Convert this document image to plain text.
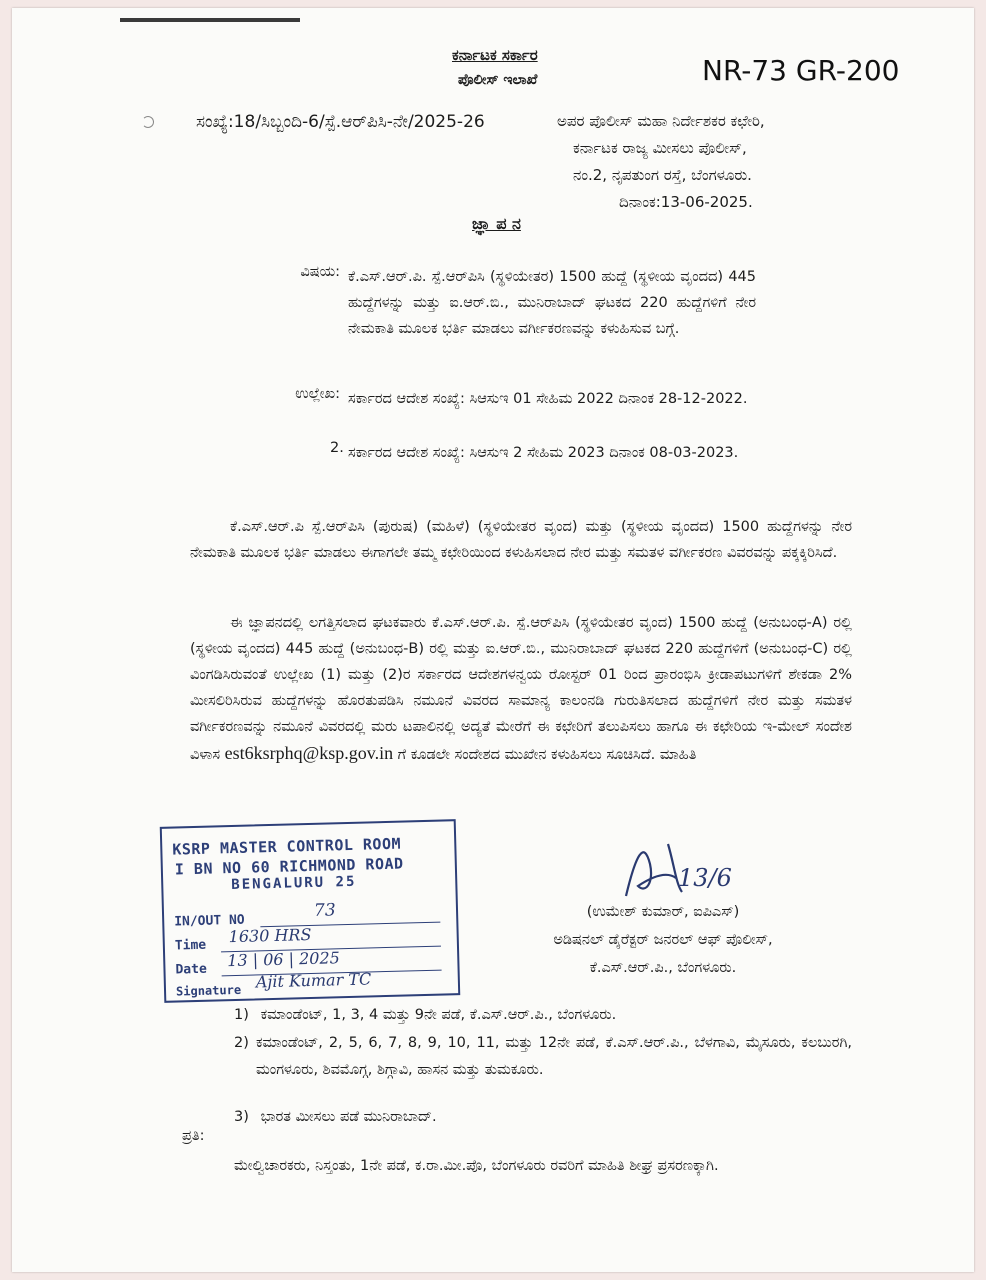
ಕರ್ನಾಟಕ ಸರ್ಕಾರ
ಪೊಲೀಸ್ ಇಲಾಖೆ	NR-73 GR-200
ಸಂಖ್ಯೆ:18/ಸಿಬ್ಬಂದಿ-6/ಸ್ಪೆ.ಆರ್‌ಪಿಸಿ-ನೇ/2025-26	ಅಪರ ಪೊಲೀಸ್ ಮಹಾ ನಿರ್ದೇಶಕರ ಕಛೇರಿ,
ಕರ್ನಾಟಕ ರಾಜ್ಯ ಮೀಸಲು ಪೊಲೀಸ್,
ನಂ.2, ನೃಪತುಂಗ ರಸ್ತೆ, ಬೆಂಗಳೂರು.
ದಿನಾಂಕ:13-06-2025.
ಜ್ಞಾ ಪ ನ
ವಿಷಯ: ಕೆ.ಎಸ್.ಆರ್.ಪಿ. ಸ್ಪೆ.ಆರ್‌ಪಿಸಿ (ಸ್ಥಳಿಯೇತರ) 1500 ಹುದ್ದೆ (ಸ್ಥಳೀಯ ವೃಂದದ) 445 ಹುದ್ದೆಗಳನ್ನು ಮತ್ತು ಐ.ಆರ್.ಬಿ., ಮುನಿರಾಬಾದ್ ಘಟಕದ 220 ಹುದ್ದೆಗಳಿಗೆ ನೇರ ನೇಮಕಾತಿ ಮೂಲಕ ಭರ್ತಿ ಮಾಡಲು ವರ್ಗೀಕರಣವನ್ನು ಕಳುಹಿಸುವ ಬಗ್ಗೆ.
ಉಲ್ಲೇಖ: ಸರ್ಕಾರದ ಆದೇಶ ಸಂಖ್ಯೆ: ಸಿಆಸುಇ 01 ಸೇಹಿಮ 2022 ದಿನಾಂಕ 28-12-2022.
2. ಸರ್ಕಾರದ ಆದೇಶ ಸಂಖ್ಯೆ: ಸಿಆಸುಇ 2 ಸೇಹಿಮ 2023 ದಿನಾಂಕ 08-03-2023.
ಕೆ.ಎಸ್.ಆರ್.ಪಿ ಸ್ಪೆ.ಆರ್‌ಪಿಸಿ (ಪುರುಷ) (ಮಹಿಳೆ) (ಸ್ಥಳಿಯೇತರ ವೃಂದ) ಮತ್ತು (ಸ್ಥಳೀಯ ವೃಂದದ) 1500 ಹುದ್ದೆಗಳನ್ನು ನೇರ ನೇಮಕಾತಿ ಮೂಲಕ ಭರ್ತಿ ಮಾಡಲು ಈಗಾಗಲೇ ತಮ್ಮ ಕಛೇರಿಯಿಂದ ಕಳುಹಿಸಲಾದ ನೇರ ಮತ್ತು ಸಮತಳ ವರ್ಗೀಕರಣ ವಿವರವನ್ನು ಪಕ್ಕಕ್ಕಿರಿಸಿದೆ.
ಈ ಜ್ಞಾಪನದಲ್ಲಿ ಲಗತ್ತಿಸಲಾದ ಘಟಕವಾರು ಕೆ.ಎಸ್.ಆರ್.ಪಿ. ಸ್ಪೆ.ಆರ್‌ಪಿಸಿ (ಸ್ಥಳಿಯೇತರ ವೃಂದ) 1500 ಹುದ್ದೆ (ಅನುಬಂಧ-A) ರಲ್ಲಿ (ಸ್ಥಳೀಯ ವೃಂದದ) 445 ಹುದ್ದೆ (ಅನುಬಂಧ-B) ರಲ್ಲಿ ಮತ್ತು ಐ.ಆರ್.ಬಿ., ಮುನಿರಾಬಾದ್ ಘಟಕದ 220 ಹುದ್ದೆಗಳಿಗೆ (ಅನುಬಂಧ-C) ರಲ್ಲಿ ವಿಂಗಡಿಸಿರುವಂತೆ ಉಲ್ಲೇಖ (1) ಮತ್ತು (2)ರ ಸರ್ಕಾರದ ಆದೇಶಗಳನ್ವಯ ರೋಸ್ಟರ್ 01 ರಿಂದ ಪ್ರಾರಂಭಿಸಿ ಕ್ರೀಡಾಪಟುಗಳಿಗೆ ಶೇಕಡಾ 2% ಮೀಸಲಿರಿಸಿರುವ ಹುದ್ದೆಗಳನ್ನು ಹೊರತುಪಡಿಸಿ ನಮೂನೆ ವಿವರದ ಸಾಮಾನ್ಯ ಕಾಲಂನಡಿ ಗುರುತಿಸಲಾದ ಹುದ್ದೆಗಳಿಗೆ ನೇರ ಮತ್ತು ಸಮತಳ ವರ್ಗೀಕರಣವನ್ನು ನಮೂನೆ ವಿವರದಲ್ಲಿ ಮರು ಟಪಾಲಿನಲ್ಲಿ ಅದ್ಯತೆ ಮೇರೆಗೆ ಈ ಕಛೇರಿಗೆ ತಲುಪಿಸಲು ಹಾಗೂ ಈ ಕಛೇರಿಯ ಇ-ಮೇಲ್ ಸಂದೇಶ ವಿಳಾಸ est6ksrphq@ksp.gov.in ಗೆ ಕೂಡಲೇ ಸಂದೇಶದ ಮುಖೇನ ಕಳುಹಿಸಲು ಸೂಚಿಸಿದೆ. ಮಾಹಿತಿ
KSRP MASTER CONTROL ROOM
I BN NO 60 RICHMOND ROAD
BENGALURU 25
IN/OUT NO
73
Time 1630 HRS
Date 13 | 06 | 2025
Signature Ajit Kumar TC
13/6
(ಉಮೇಶ್ ಕುಮಾರ್, ಐಪಿಎಸ್)
ಅಡಿಷನಲ್ ಡೈರೆಕ್ಟರ್ ಜನರಲ್ ಆಫ್ ಪೊಲೀಸ್,
ಕೆ.ಎಸ್.ಆರ್.ಪಿ., ಬೆಂಗಳೂರು.
1) ಕಮಾಂಡೆಂಟ್, 1, 3, 4 ಮತ್ತು 9ನೇ ಪಡೆ, ಕೆ.ಎಸ್.ಆರ್.ಪಿ., ಬೆಂಗಳೂರು.
2) ಕಮಾಂಡೆಂಟ್, 2, 5, 6, 7, 8, 9, 10, 11, ಮತ್ತು 12ನೇ ಪಡೆ, ಕೆ.ಎಸ್.ಆರ್.ಪಿ., ಬೆಳಗಾವಿ, ಮೈಸೂರು, ಕಲಬುರಗಿ, ಮಂಗಳೂರು, ಶಿವಮೊಗ್ಗ, ಶಿಗ್ಗಾವಿ, ಹಾಸನ ಮತ್ತು ತುಮಕೂರು.
3) ಭಾರತ ಮೀಸಲು ಪಡೆ ಮುನಿರಾಬಾದ್.
ಪ್ರತಿ:
ಮೇಲ್ವಿಚಾರಕರು, ನಿಸ್ತಂತು, 1ನೇ ಪಡೆ, ಕ.ರಾ.ಮೀ.ಪೊ, ಬೆಂಗಳೂರು ರವರಿಗೆ ಮಾಹಿತಿ ಶೀಘ್ರ ಪ್ರಸರಣಕ್ಕಾಗಿ.
